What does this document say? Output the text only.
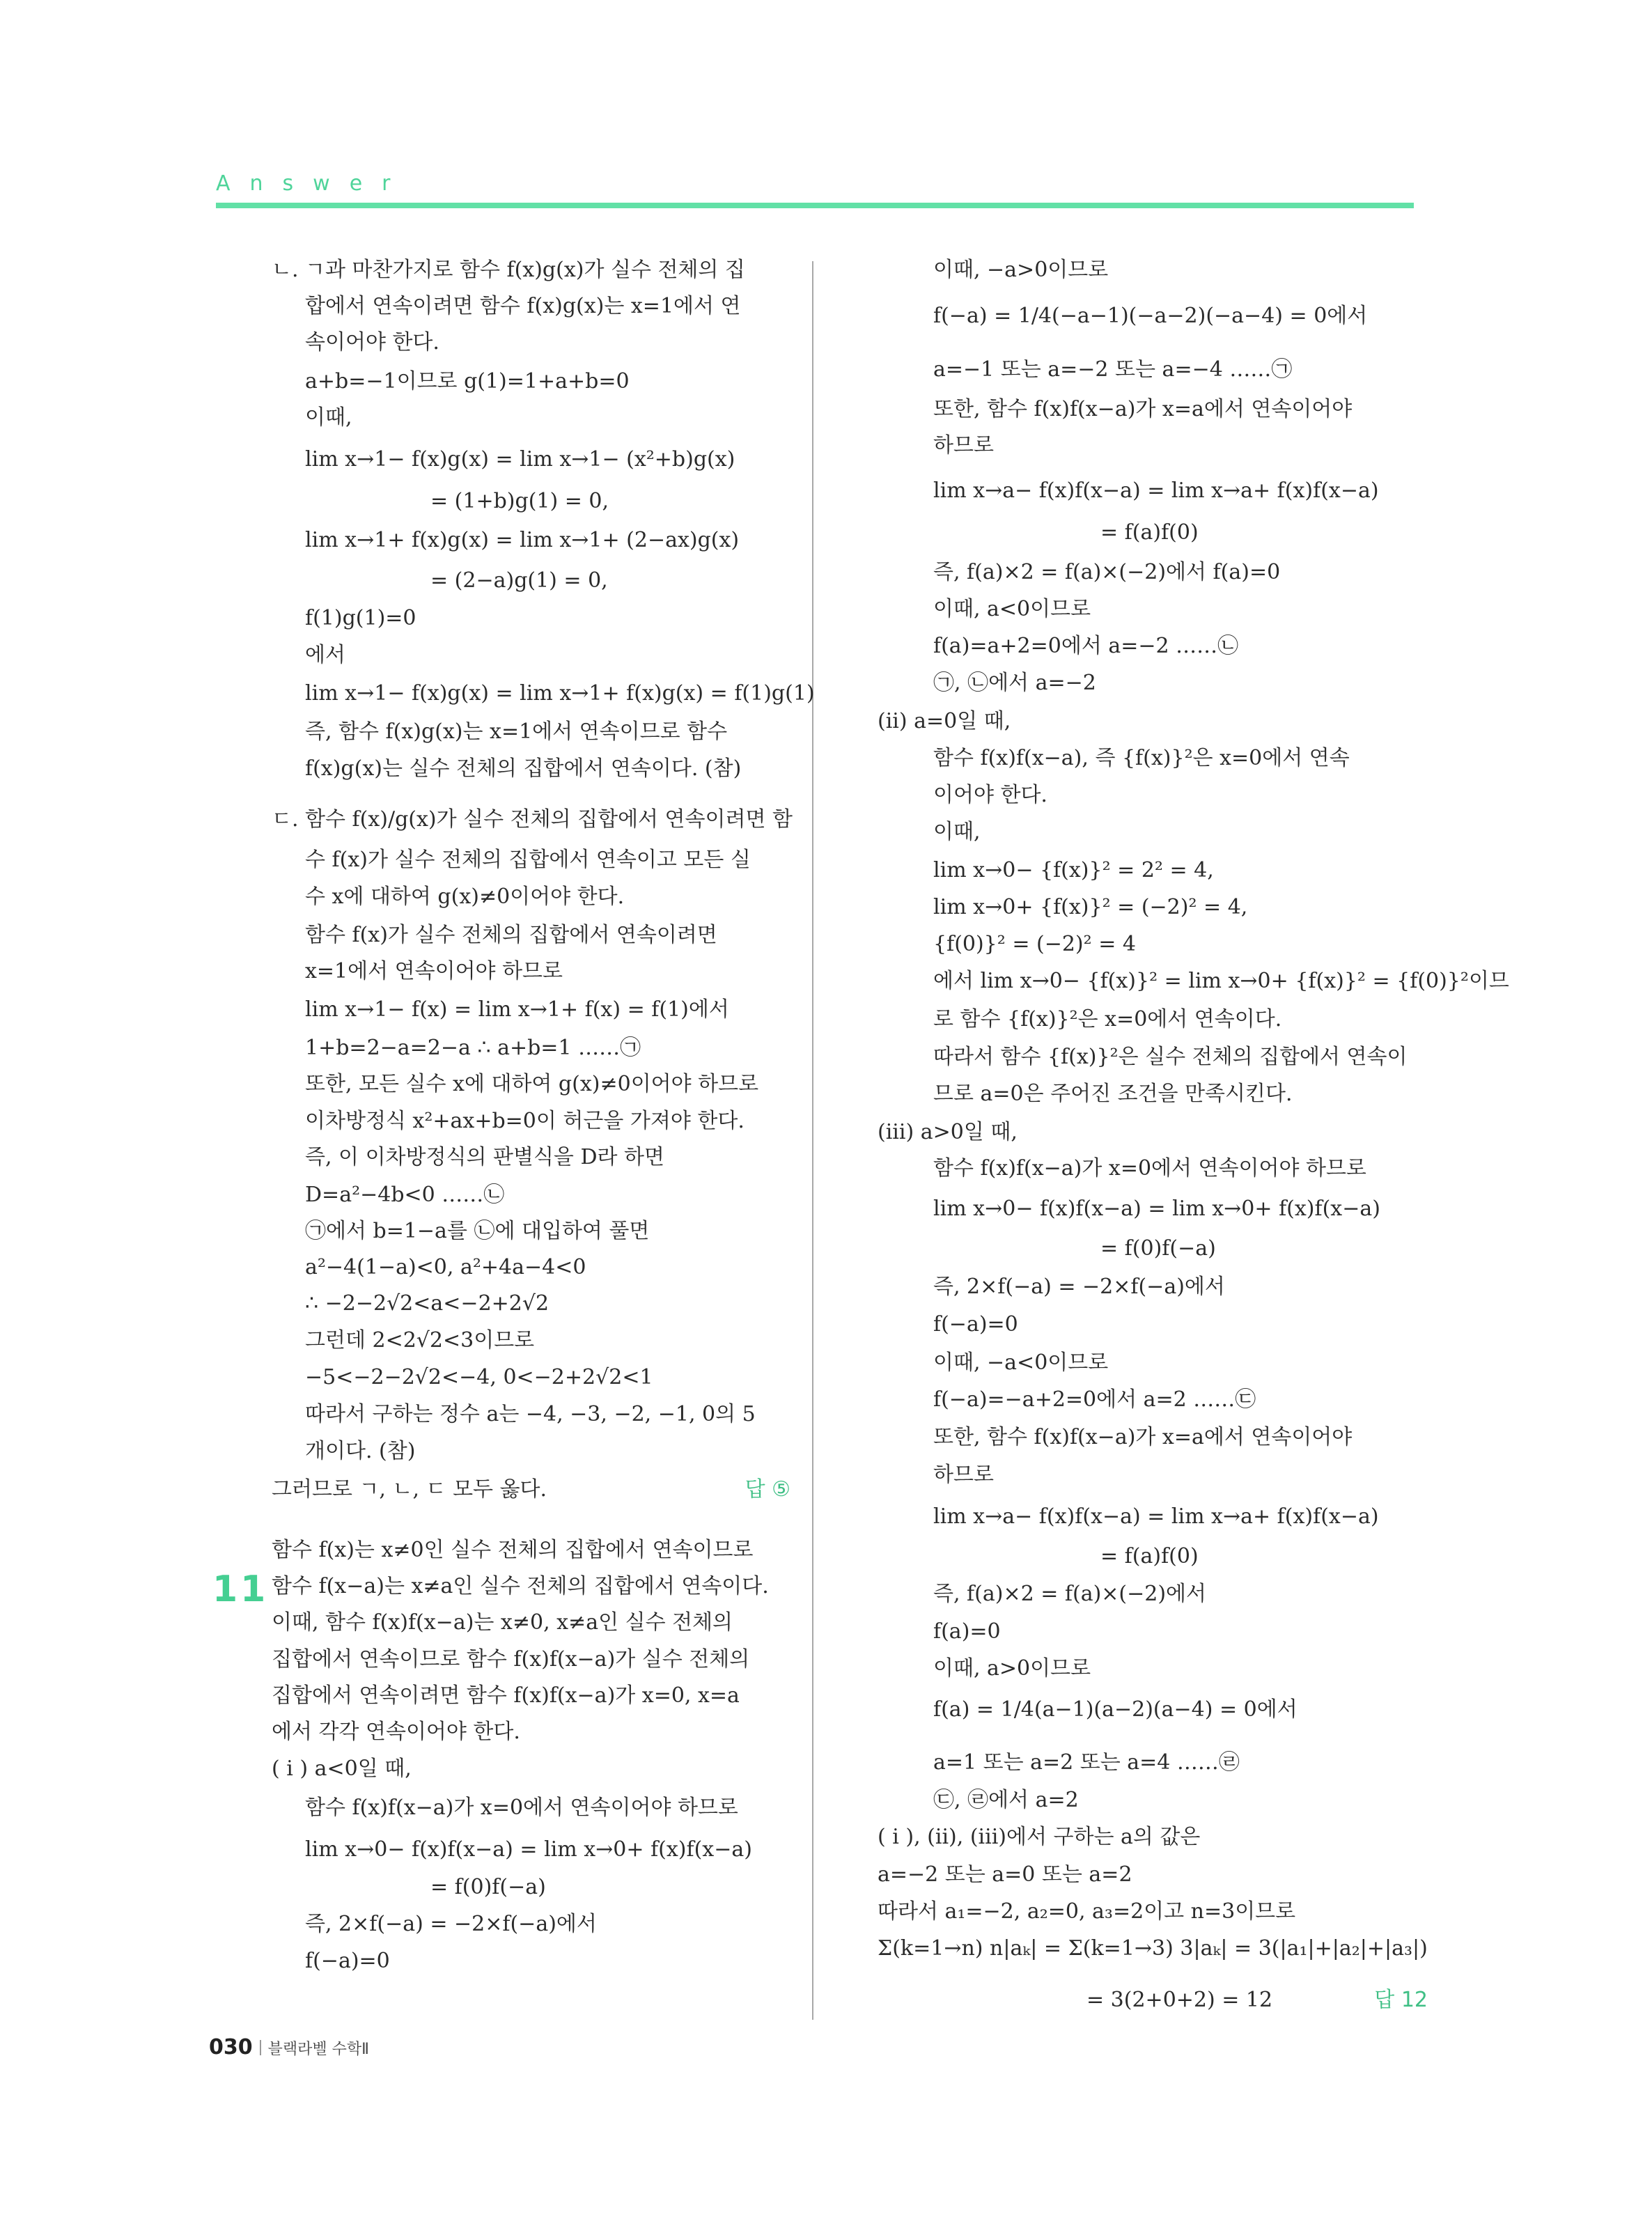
Answer
11
ㄴ. ㄱ과 마찬가지로 함수 f(x)g(x)가 실수 전체의 집
합에서 연속이려면 함수 f(x)g(x)는 x=1에서 연
속이어야 한다.
a+b=−1이므로 g(1)=1+a+b=0
이때,
lim x→1− f(x)g(x) = lim x→1− (x²+b)g(x)
= (1+b)g(1) = 0,
lim x→1+ f(x)g(x) = lim x→1+ (2−ax)g(x)
= (2−a)g(1) = 0,
f(1)g(1)=0
에서
lim x→1− f(x)g(x) = lim x→1+ f(x)g(x) = f(1)g(1)
즉, 함수 f(x)g(x)는 x=1에서 연속이므로 함수
f(x)g(x)는 실수 전체의 집합에서 연속이다. (참)
ㄷ. 함수 f(x)/g(x)가 실수 전체의 집합에서 연속이려면 함
수 f(x)가 실수 전체의 집합에서 연속이고 모든 실
수 x에 대하여 g(x)≠0이어야 한다.
함수 f(x)가 실수 전체의 집합에서 연속이려면
x=1에서 연속이어야 하므로
lim x→1− f(x) = lim x→1+ f(x) = f(1)에서
1+b=2−a=2−a ∴ a+b=1 ……㉠
또한, 모든 실수 x에 대하여 g(x)≠0이어야 하므로
이차방정식 x²+ax+b=0이 허근을 가져야 한다.
즉, 이 이차방정식의 판별식을 D라 하면
D=a²−4b<0 ……㉡
㉠에서 b=1−a를 ㉡에 대입하여 풀면
a²−4(1−a)<0, a²+4a−4<0
∴ −2−2√2<a<−2+2√2
그런데 2<2√2<3이므로
−5<−2−2√2<−4, 0<−2+2√2<1
따라서 구하는 정수 a는 −4, −3, −2, −1, 0의 5
개이다. (참)
그러므로 ㄱ, ㄴ, ㄷ 모두 옳다.
함수 f(x)는 x≠0인 실수 전체의 집합에서 연속이므로
함수 f(x−a)는 x≠a인 실수 전체의 집합에서 연속이다.
이때, 함수 f(x)f(x−a)는 x≠0, x≠a인 실수 전체의
집합에서 연속이므로 함수 f(x)f(x−a)가 실수 전체의
집합에서 연속이려면 함수 f(x)f(x−a)가 x=0, x=a
에서 각각 연속이어야 한다.
( i ) a<0일 때,
함수 f(x)f(x−a)가 x=0에서 연속이어야 하므로
lim x→0− f(x)f(x−a) = lim x→0+ f(x)f(x−a)
= f(0)f(−a)
즉, 2×f(−a) = −2×f(−a)에서
f(−a)=0
답 ⑤
이때, −a>0이므로
f(−a) = 1/4(−a−1)(−a−2)(−a−4) = 0에서
a=−1 또는 a=−2 또는 a=−4 ……㉠
또한, 함수 f(x)f(x−a)가 x=a에서 연속이어야
하므로
lim x→a− f(x)f(x−a) = lim x→a+ f(x)f(x−a)
= f(a)f(0)
즉, f(a)×2 = f(a)×(−2)에서 f(a)=0
이때, a<0이므로
f(a)=a+2=0에서 a=−2 ……㉡
㉠, ㉡에서 a=−2
(ii) a=0일 때,
함수 f(x)f(x−a), 즉 {f(x)}²은 x=0에서 연속
이어야 한다.
이때,
lim x→0− {f(x)}² = 2² = 4,
lim x→0+ {f(x)}² = (−2)² = 4,
{f(0)}² = (−2)² = 4
에서 lim x→0− {f(x)}² = lim x→0+ {f(x)}² = {f(0)}²이므
로 함수 {f(x)}²은 x=0에서 연속이다.
따라서 함수 {f(x)}²은 실수 전체의 집합에서 연속이
므로 a=0은 주어진 조건을 만족시킨다.
(iii) a>0일 때,
함수 f(x)f(x−a)가 x=0에서 연속이어야 하므로
lim x→0− f(x)f(x−a) = lim x→0+ f(x)f(x−a)
= f(0)f(−a)
즉, 2×f(−a) = −2×f(−a)에서
f(−a)=0
이때, −a<0이므로
f(−a)=−a+2=0에서 a=2 ……㉢
또한, 함수 f(x)f(x−a)가 x=a에서 연속이어야
하므로
lim x→a− f(x)f(x−a) = lim x→a+ f(x)f(x−a)
= f(a)f(0)
즉, f(a)×2 = f(a)×(−2)에서
f(a)=0
이때, a>0이므로
f(a) = 1/4(a−1)(a−2)(a−4) = 0에서
a=1 또는 a=2 또는 a=4 ……㉣
㉢, ㉣에서 a=2
( i ), (ii), (iii)에서 구하는 a의 값은
a=−2 또는 a=0 또는 a=2
따라서 a₁=−2, a₂=0, a₃=2이고 n=3이므로
Σ(k=1→n) n|aₖ| = Σ(k=1→3) 3|aₖ| = 3(|a₁|+|a₂|+|a₃|)
= 3(2+0+2) = 12	답 12
030 블랙라벨 수학Ⅱ
